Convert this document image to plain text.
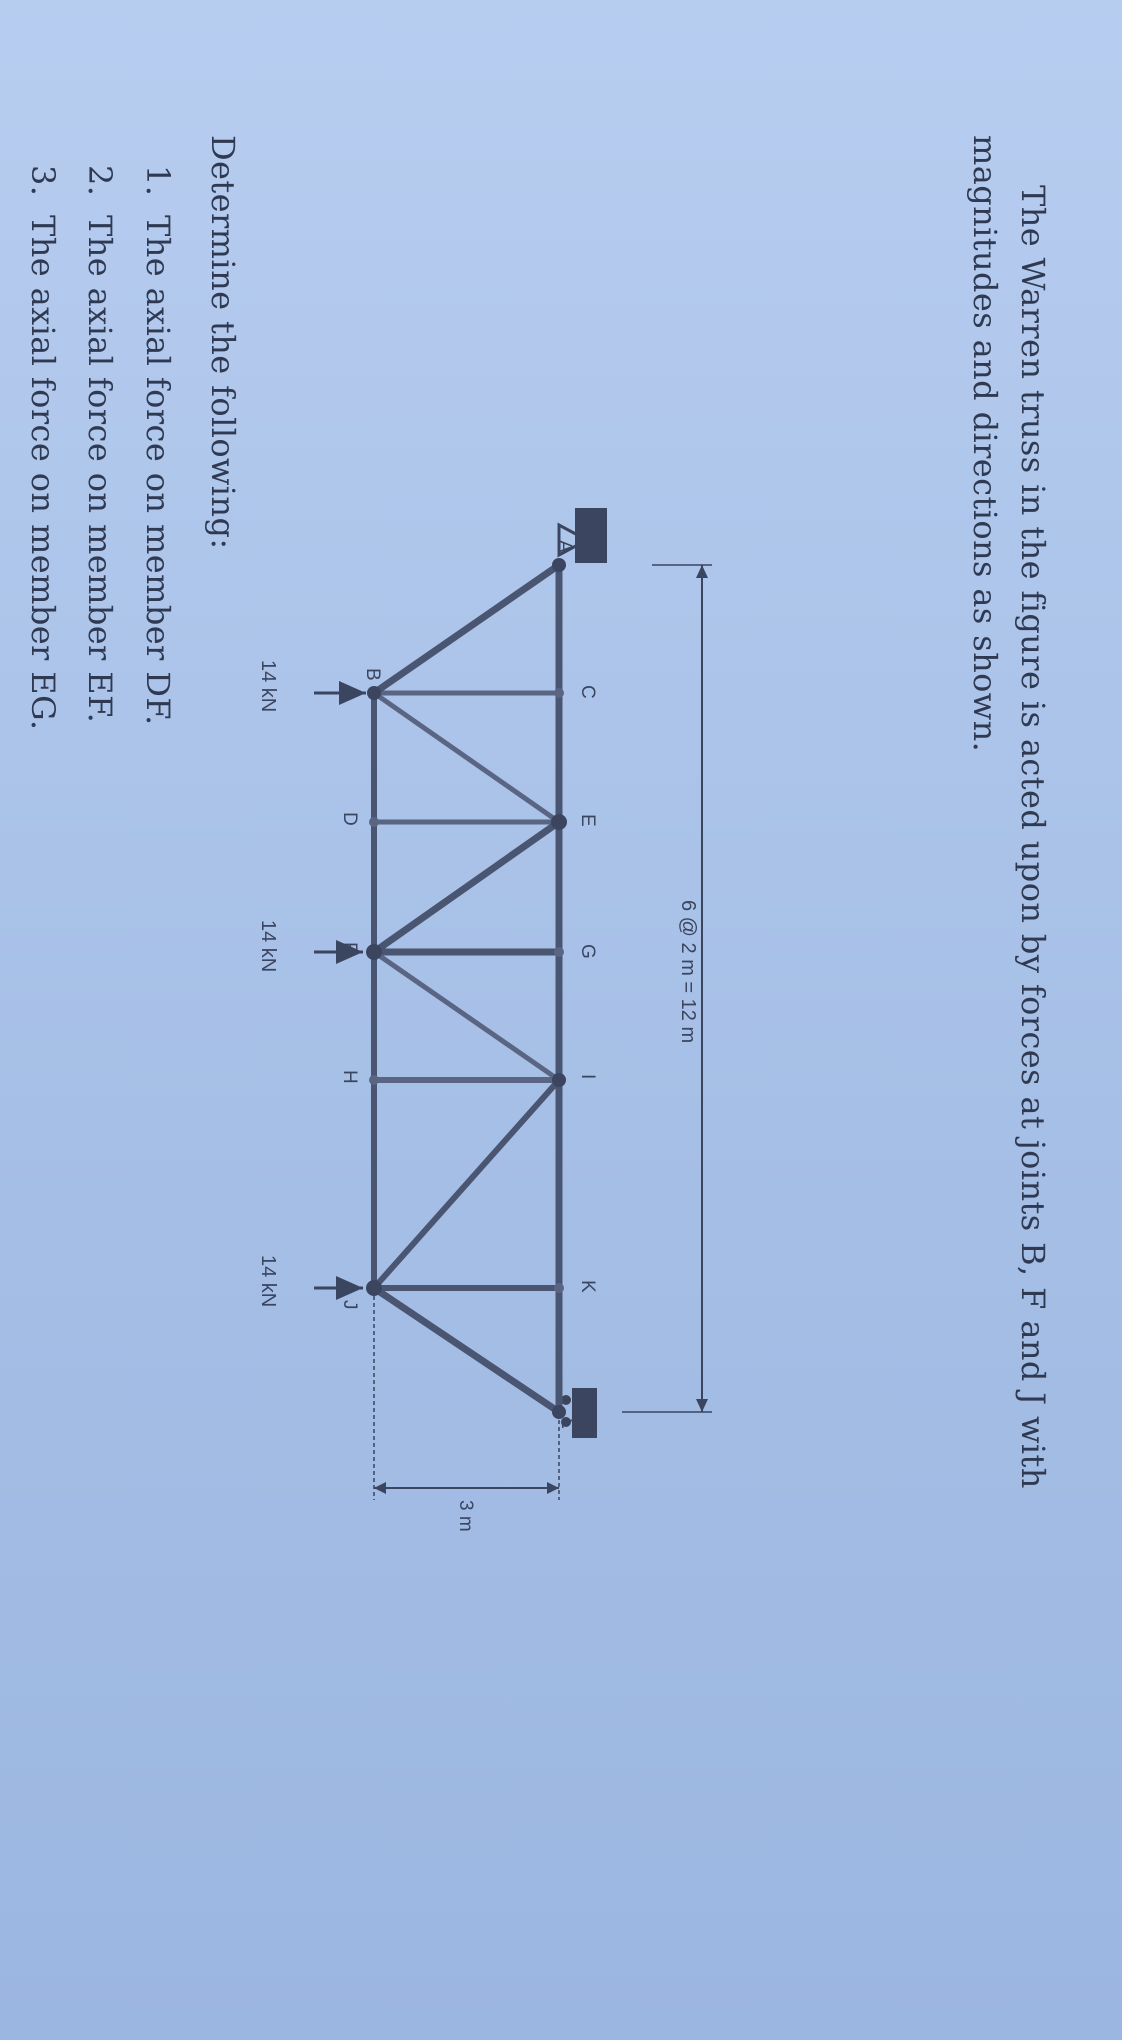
The Warren truss in the figure is acted upon by forces at joints B, F and J with
magnitudes and directions as shown.
14 kN
14 kN
14 kN
B
D
F
H
J
A
C
E
G
I
K
L
6 @ 2 m = 12 m
3 m
Determine the following:
1.The axial force on member DF.
2.The axial force on member EF.
3.The axial force on member EG.
